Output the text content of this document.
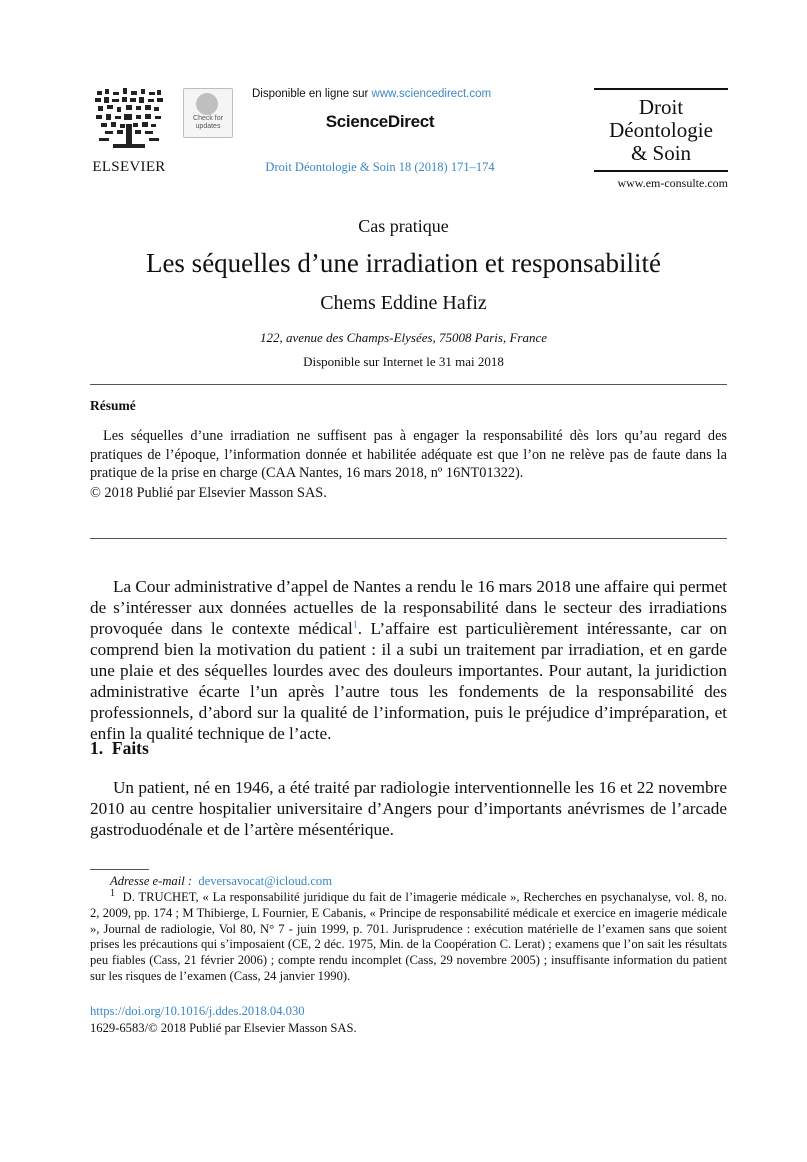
ELSEVIER
Check for
updates
Disponible en ligne sur www.sciencedirect.com
ScienceDirect
Droit Déontologie & Soin 18 (2018) 171–174
Droit
Déontologie
& Soin
www.em-consulte.com
Cas pratique
Les séquelles d’une irradiation et responsabilité
Chems Eddine Hafiz
122, avenue des Champs-Elysées, 75008 Paris, France
Disponible sur Internet le 31 mai 2018
Résumé
Les séquelles d’une irradiation ne suffisent pas à engager la responsabilité dès lors qu’au regard des pratiques de l’époque, l’information donnée et habilitée adéquate est que l’on ne relève pas de faute dans la pratique de la prise en charge (CAA Nantes, 16 mars 2018, nº 16NT01322).
© 2018 Publié par Elsevier Masson SAS.
La Cour administrative d’appel de Nantes a rendu le 16 mars 2018 une affaire qui permet de s’intéresser aux données actuelles de la responsabilité dans le secteur des irradiations provoquée dans le contexte médical$^1$. L’affaire est particulièrement intéressante, car on comprend bien la motivation du patient : il a subi un traitement par irradiation, et en garde une plaie et des séquelles lourdes avec des douleurs importantes. Pour autant, la juridiction administrative écarte l’un après l’autre tous les fondements de la responsabilité des professionnels, d’abord sur la qualité de l’information, puis le préjudice d’impréparation, et enfin la qualité technique de l’acte.
1.  Faits
Un patient, né en 1946, a été traité par radiologie interventionnelle les 16 et 22 novembre 2010 au centre hospitalier universitaire d’Angers pour d’importants anévrismes de l’arcade gastroduodénale et de l’artère mésentérique.
Adresse e-mail : deversavocat@icloud.com
$^1$ D. TRUCHET, « La responsabilité juridique du fait de l’imagerie médicale », Recherches en psychanalyse, vol. 8, no. 2, 2009, pp. 174 ; M Thibierge, L Fournier, E Cabanis, « Principe de responsabilité médicale et exercice en imagerie médicale », Journal de radiologie, Vol 80, N° 7 - juin 1999, p. 701. Jurisprudence : exécution matérielle de l’examen sans que soient prises les précautions qui s’imposaient (CE, 2 déc. 1975, Min. de la Coopération C. Lerat) ; examens que l’on sait les résultats peu fiables (Cass, 21 février 2006) ; compte rendu incomplet (Cass, 29 novembre 2005) ; insuffisante information du patient sur les risques de l’examen (Cass, 24 janvier 1990).
https://doi.org/10.1016/j.ddes.2018.04.030
1629-6583/© 2018 Publié par Elsevier Masson SAS.
